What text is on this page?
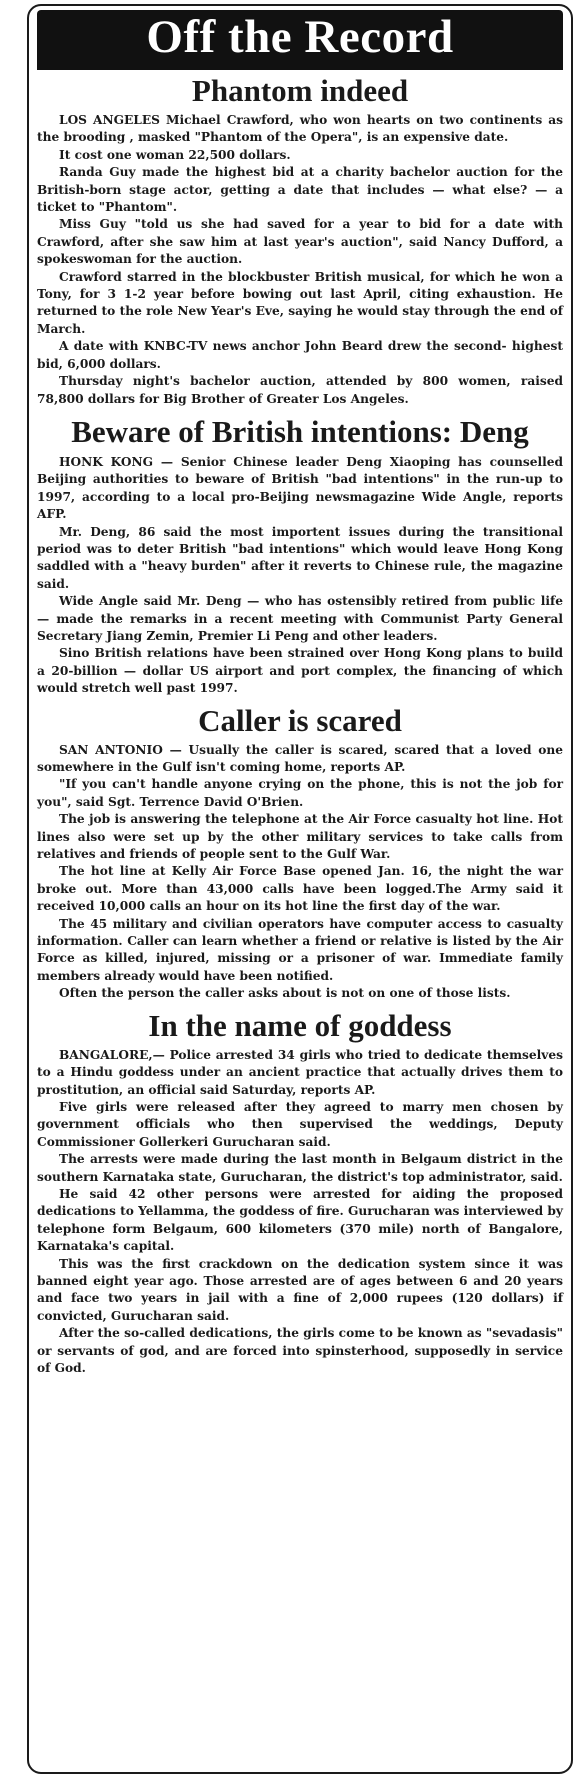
Off the Record
Phantom indeed

LOS ANGELES Michael Crawford, who won hearts on two continents as the brooding , masked "Phantom of the Opera", is an expensive date.

It cost one woman 22,500 dollars.

Randa Guy made the highest bid at a charity bachelor auction for the British-born stage actor, getting a date that includes — what else? — a ticket to "Phantom".

Miss Guy "told us she had saved for a year to bid for a date with Crawford, after she saw him at last year's auction", said Nancy Dufford, a spokeswoman for the auction.

Crawford starred in the blockbuster British musical, for which he won a Tony, for 3 1-2 year before bowing out last April, citing exhaustion. He returned to the role New Year's Eve, saying he would stay through the end of March.

A date with KNBC-TV news anchor John Beard drew the second- highest bid, 6,000 dollars.

Thursday night's bachelor auction, attended by 800 women, raised 78,800 dollars for Big Brother of Greater Los Angeles.

Beware of British intentions: Deng

HONK KONG — Senior Chinese leader Deng Xiaoping has counselled Beijing authorities to beware of British "bad intentions" in the run-up to 1997, according to a local pro-Beijing newsmagazine Wide Angle, reports AFP.

Mr. Deng, 86 said the most importent issues during the transitional period was to deter British "bad intentions" which would leave Hong Kong saddled with a "heavy burden" after it reverts to Chinese rule, the magazine said.

Wide Angle said Mr. Deng — who has ostensibly retired from public life — made the remarks in a recent meeting with Communist Party General Secretary Jiang Zemin, Premier Li Peng and other leaders.

Sino British relations have been strained over Hong Kong plans to build a 20-billion — dollar US airport and port complex, the financing of which would stretch well past 1997.

Caller is scared

SAN ANTONIO — Usually the caller is scared, scared that a loved one somewhere in the Gulf isn't coming home, reports AP.

"If you can't handle anyone crying on the phone, this is not the job for you", said Sgt. Terrence David O'Brien.

The job is answering the telephone at the Air Force casualty hot line. Hot lines also were set up by the other military services to take calls from relatives and friends of people sent to the Gulf War.

The hot line at Kelly Air Force Base opened Jan. 16, the night the war broke out. More than 43,000 calls have been logged.The Army said it received 10,000 calls an hour on its hot line the first day of the war.

The 45 military and civilian operators have computer access to casualty information. Caller can learn whether a friend or relative is listed by the Air Force as killed, injured, missing or a prisoner of war. Immediate family members already would have been notified.

Often the person the caller asks about is not on one of those lists.

In the name of goddess

BANGALORE,— Police arrested 34 girls who tried to dedicate themselves to a Hindu goddess under an ancient practice that actually drives them to prostitution, an official said Saturday, reports AP.

Five girls were released after they agreed to marry men chosen by government officials who then supervised the weddings, Deputy Commissioner Gollerkeri Gurucharan said.

The arrests were made during the last month in Belgaum district in the southern Karnataka state, Gurucharan, the district's top administrator, said.

He said 42 other persons were arrested for aiding the proposed dedications to Yellamma, the goddess of fire. Gurucharan was interviewed by telephone form Belgaum, 600 kilometers (370 mile) north of Bangalore, Karnataka's capital.

This was the first crackdown on the dedication system since it was banned eight year ago. Those arrested are of ages between 6 and 20 years and face two years in jail with a fine of 2,000 rupees (120 dollars) if convicted, Gurucharan said.

After the so-called dedications, the girls come to be known as "sevadasis" or servants of god, and are forced into spinsterhood, supposedly in service of God.
